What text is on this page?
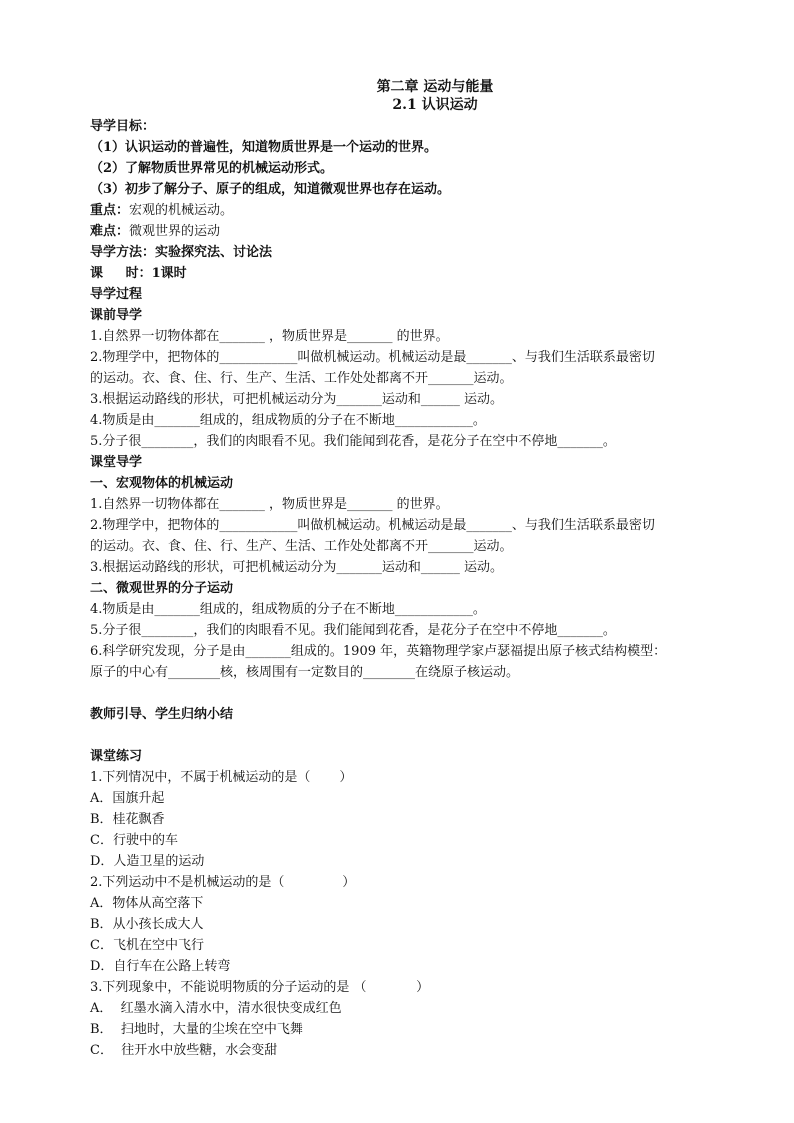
第二章 运动与能量
2.1 认识运动
导学目标：
（1）认识运动的普遍性，知道物质世界是一个运动的世界。
（2）了解物质世界常见的机械运动形式。
（3）初步了解分子、原子的组成，知道微观世界也存在运动。
重点：宏观的机械运动。
难点：微观世界的运动
导学方法：实验探究法、讨论法
课     时：1课时
导学过程
课前导学
1.自然界一切物体都在_______ ，物质世界是_______ 的世界。
2.物理学中，把物体的____________叫做机械运动。机械运动是最_______、与我们生活联系最密切
的运动。衣、食、住、行、生产、生活、工作处处都离不开_______运动。
3.根据运动路线的形状，可把机械运动分为_______运动和______ 运动。
4.物质是由_______组成的，组成物质的分子在不断地____________。
5.分子很________，我们的肉眼看不见。我们能闻到花香，是花分子在空中不停地_______。
课堂导学
一、宏观物体的机械运动
1.自然界一切物体都在_______ ，物质世界是_______ 的世界。
2.物理学中，把物体的____________叫做机械运动。机械运动是最_______、与我们生活联系最密切
的运动。衣、食、住、行、生产、生活、工作处处都离不开_______运动。
3.根据运动路线的形状，可把机械运动分为_______运动和______ 运动。
二、微观世界的分子运动
4.物质是由_______组成的，组成物质的分子在不断地____________。
5.分子很________，我们的肉眼看不见。我们能闻到花香，是花分子在空中不停地_______。
6.科学研究发现，分子是由_______组成的。1909 年，英籍物理学家卢瑟福提出原子核式结构模型：
原子的中心有________核，核周围有一定数目的________在绕原子核运动。
教师引导、学生归纳小结
课堂练习
1.下列情况中，不属于机械运动的是（       ）
A．国旗升起
B．桂花飘香
C．行驶中的车
D．人造卫星的运动
2.下列运动中不是机械运动的是（              ）
A．物体从高空落下
B．从小孩长成大人
C．飞机在空中飞行
D．自行车在公路上转弯
3.下列现象中，不能说明物质的分子运动的是 （            ）
A．  红墨水滴入清水中，清水很快变成红色
B．  扫地时，大量的尘埃在空中飞舞
C．  往开水中放些糖，水会变甜
